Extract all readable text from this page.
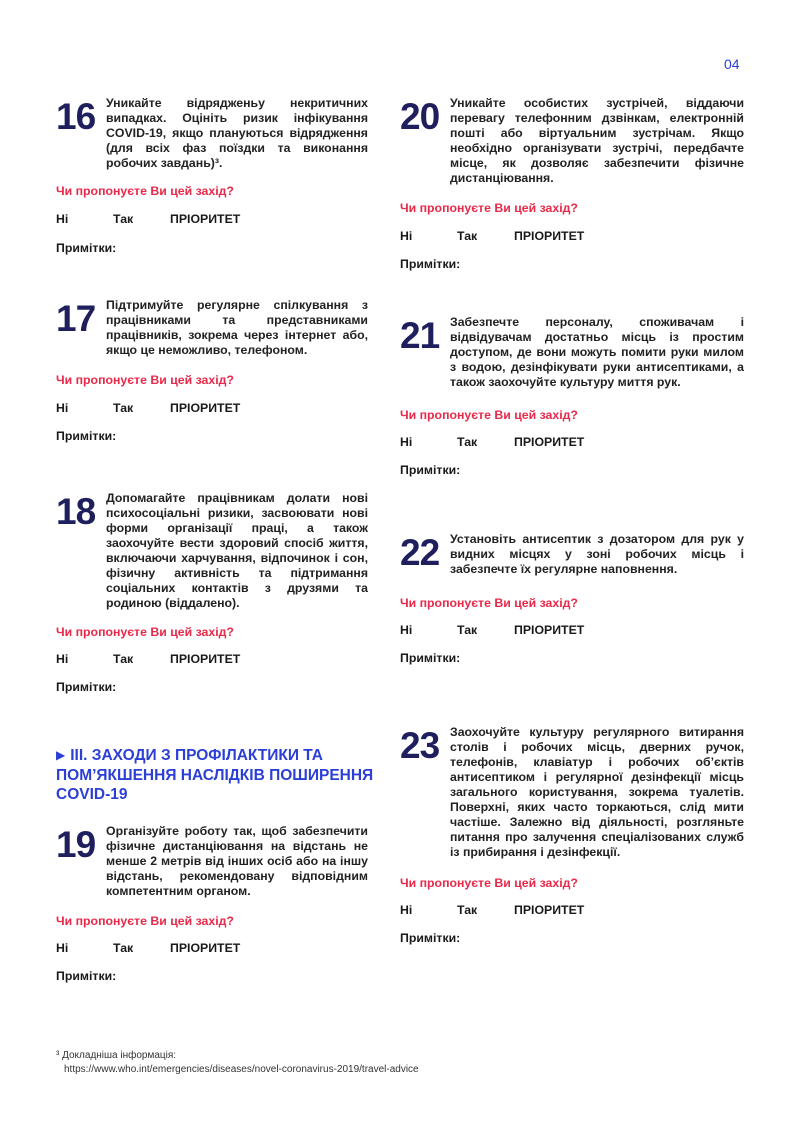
04
16 Уникайте відрядженьу некритичних випадках. Оцініть ризик інфікування COVID-19, якщо плануються відрядження (для всіх фаз поїздки та виконання робочих завдань)³.
Чи пропонуєте Ви цей захід?
Ні	Так	ПРІОРИТЕТ
Примітки:
17 Підтримуйте регулярне спілкування з працівниками та представниками працівників, зокрема через інтернет або, якщо це неможливо, телефоном.
Чи пропонуєте Ви цей захід?
Ні	Так	ПРІОРИТЕТ
Примітки:
18 Допомагайте працівникам долати нові психосоціальні ризики, засвоювати нові форми організації праці, а також заохочуйте вести здоровий спосіб життя, включаючи харчування, відпочинок і сон, фізичну активність та підтримання соціальних контактів з друзями та родиною (віддалено).
Чи пропонуєте Ви цей захід?
Ні	Так	ПРІОРИТЕТ
Примітки:
▶ III. ЗАХОДИ З ПРОФІЛАКТИКИ ТА ПОМ’ЯКШЕННЯ НАСЛІДКІВ ПОШИРЕННЯ COVID-19
19 Організуйте роботу так, щоб забезпечити фізичне дистанціювання на відстань не менше 2 метрів від інших осіб або на іншу відстань, рекомендовану відповідним компетентним органом.
Чи пропонуєте Ви цей захід?
Ні	Так	ПРІОРИТЕТ
Примітки:
20 Уникайте особистих зустрічей, віддаючи перевагу телефонним дзвінкам, електронній пошті або віртуальним зустрічам. Якщо необхідно організувати зустрічі, передбачте місце, як дозволяє забезпечити фізичне дистанціювання.
Чи пропонуєте Ви цей захід?
Ні	Так	ПРІОРИТЕТ
Примітки:
21 Забезпечте персоналу, споживачам і відвідувачам достатньо місць із простим доступом, де вони можуть помити руки милом з водою, дезінфікувати руки антисептиками, а також заохочуйте культуру миття рук.
Чи пропонуєте Ви цей захід?
Ні	Так	ПРІОРИТЕТ
Примітки:
22 Установіть антисептик з дозатором для рук у видних місцях у зоні робочих місць і забезпечте їх регулярне наповнення.
Чи пропонуєте Ви цей захід?
Ні	Так	ПРІОРИТЕТ
Примітки:
23 Заохочуйте культуру регулярного витирання столів і робочих місць, дверних ручок, телефонів, клавіатур і робочих об’єктів антисептиком і регулярної дезінфекції місць загального користування, зокрема туалетів. Поверхні, яких часто торкаються, слід мити частіше. Залежно від діяльності, розгляньте питання про залучення спеціалізованих служб із прибирання і дезінфекції.
Чи пропонуєте Ви цей захід?
Ні	Так	ПРІОРИТЕТ
Примітки:
³ Докладніша інформація:
https://www.who.int/emergencies/diseases/novel-coronavirus-2019/travel-advice
